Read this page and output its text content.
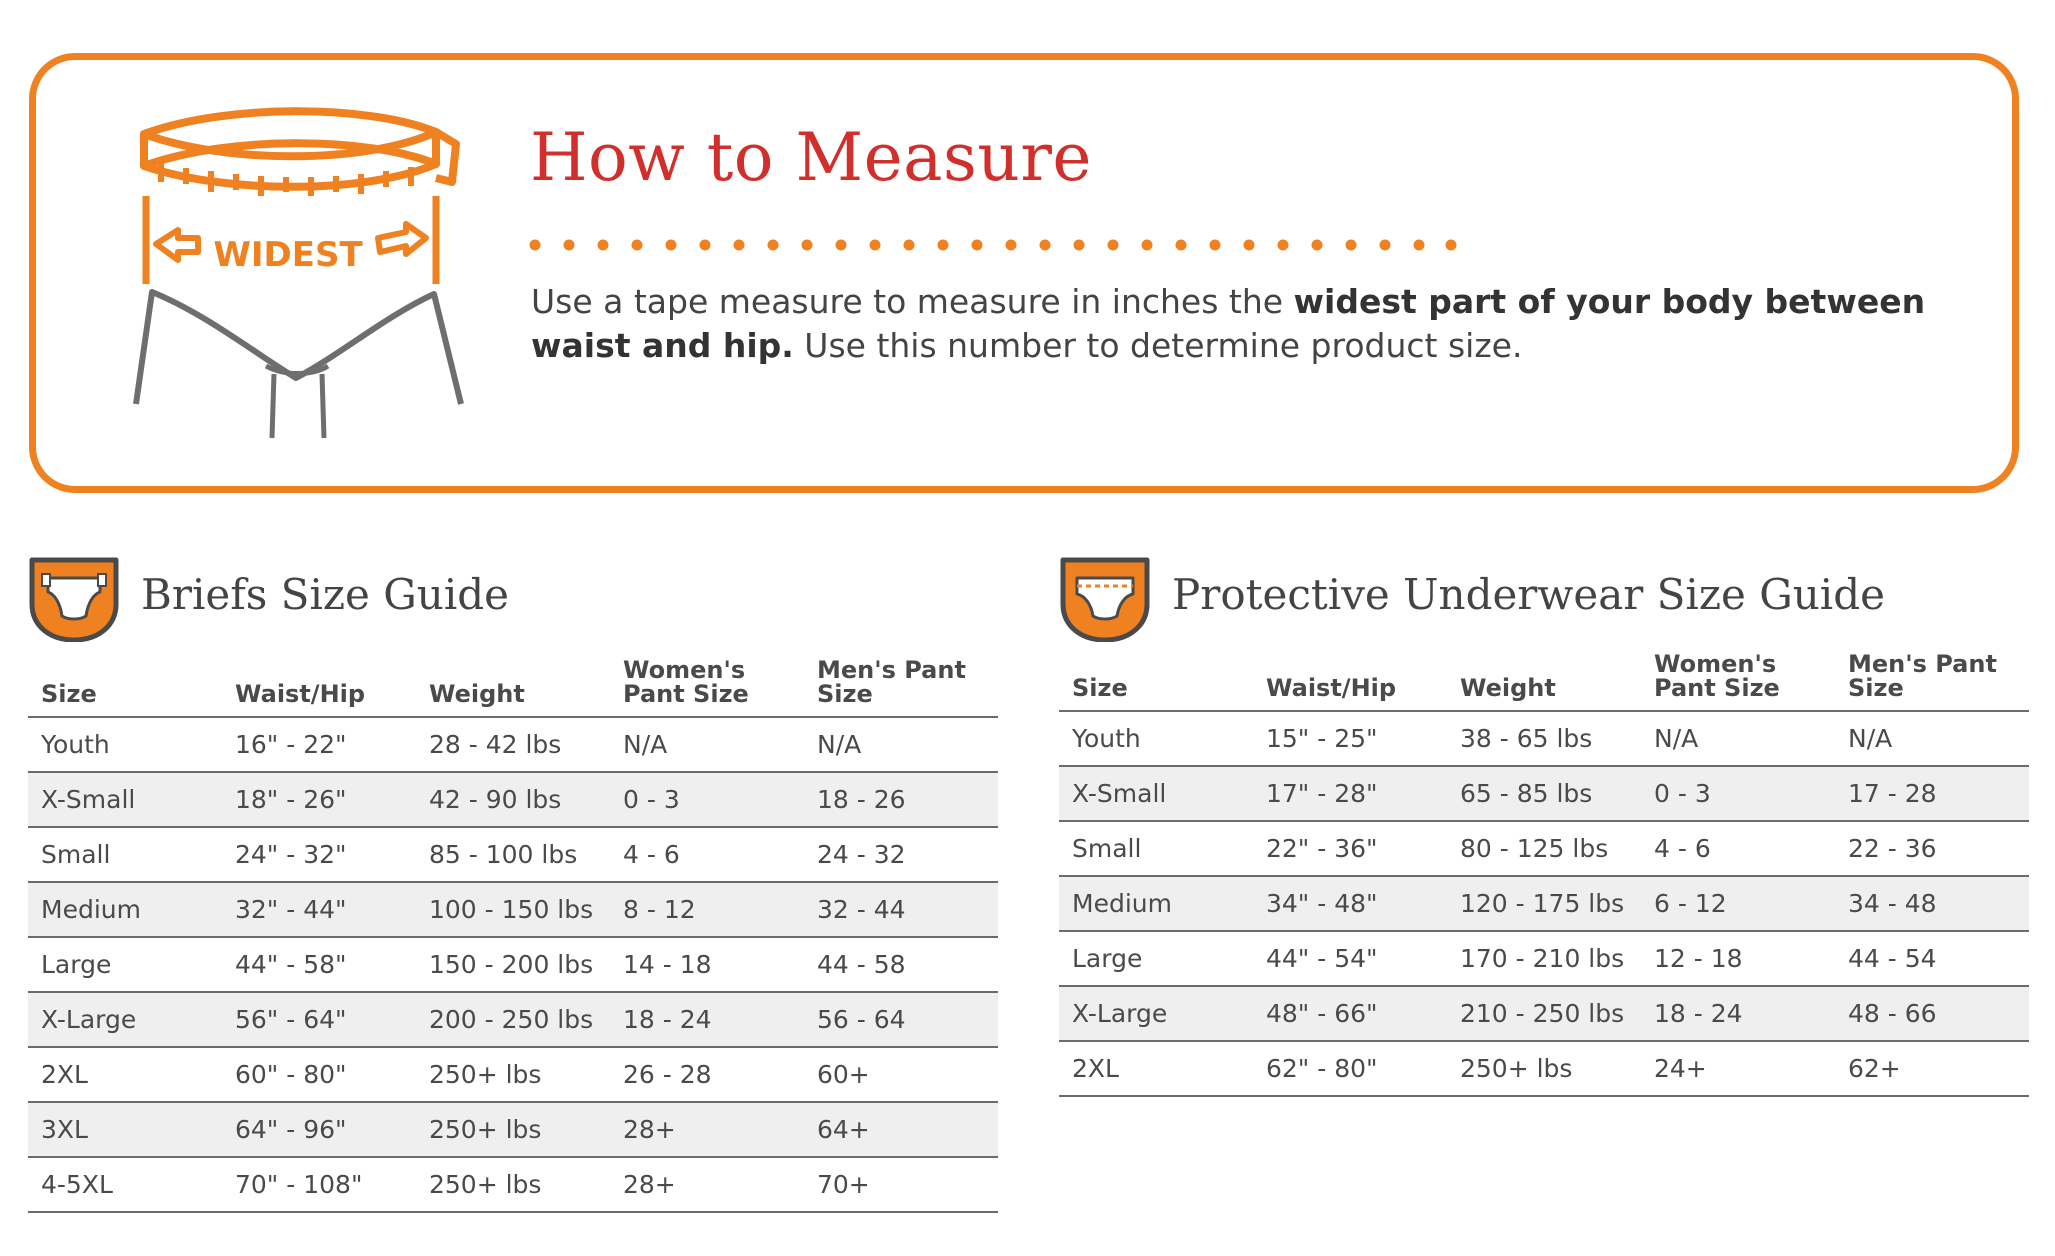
WIDEST
How to Measure

Use a tape measure to measure in inches the widest part of your body between waist and hip. Use this number to determine product size.

Briefs Size Guide
Size	Waist/Hip	Weight	Women's Pant Size	Men's Pant Size
Youth	16" - 22"	28 - 42 lbs	N/A	N/A
X-Small	18" - 26"	42 - 90 lbs	0 - 3	18 - 26
Small	24" - 32"	85 - 100 lbs	4 - 6	24 - 32
Medium	32" - 44"	100 - 150 lbs	8 - 12	32 - 44
Large	44" - 58"	150 - 200 lbs	14 - 18	44 - 58
X-Large	56" - 64"	200 - 250 lbs	18 - 24	56 - 64
2XL	60" - 80"	250+ lbs	26 - 28	60+
3XL	64" - 96"	250+ lbs	28+	64+
4-5XL	70" - 108"	250+ lbs	28+	70+
Protective Underwear Size Guide
Size	Waist/Hip	Weight	Women's Pant Size	Men's Pant Size
Youth	15" - 25"	38 - 65 lbs	N/A	N/A
X-Small	17" - 28"	65 - 85 lbs	0 - 3	17 - 28
Small	22" - 36"	80 - 125 lbs	4 - 6	22 - 36
Medium	34" - 48"	120 - 175 lbs	6 - 12	34 - 48
Large	44" - 54"	170 - 210 lbs	12 - 18	44 - 54
X-Large	48" - 66"	210 - 250 lbs	18 - 24	48 - 66
2XL	62" - 80"	250+ lbs	24+	62+
